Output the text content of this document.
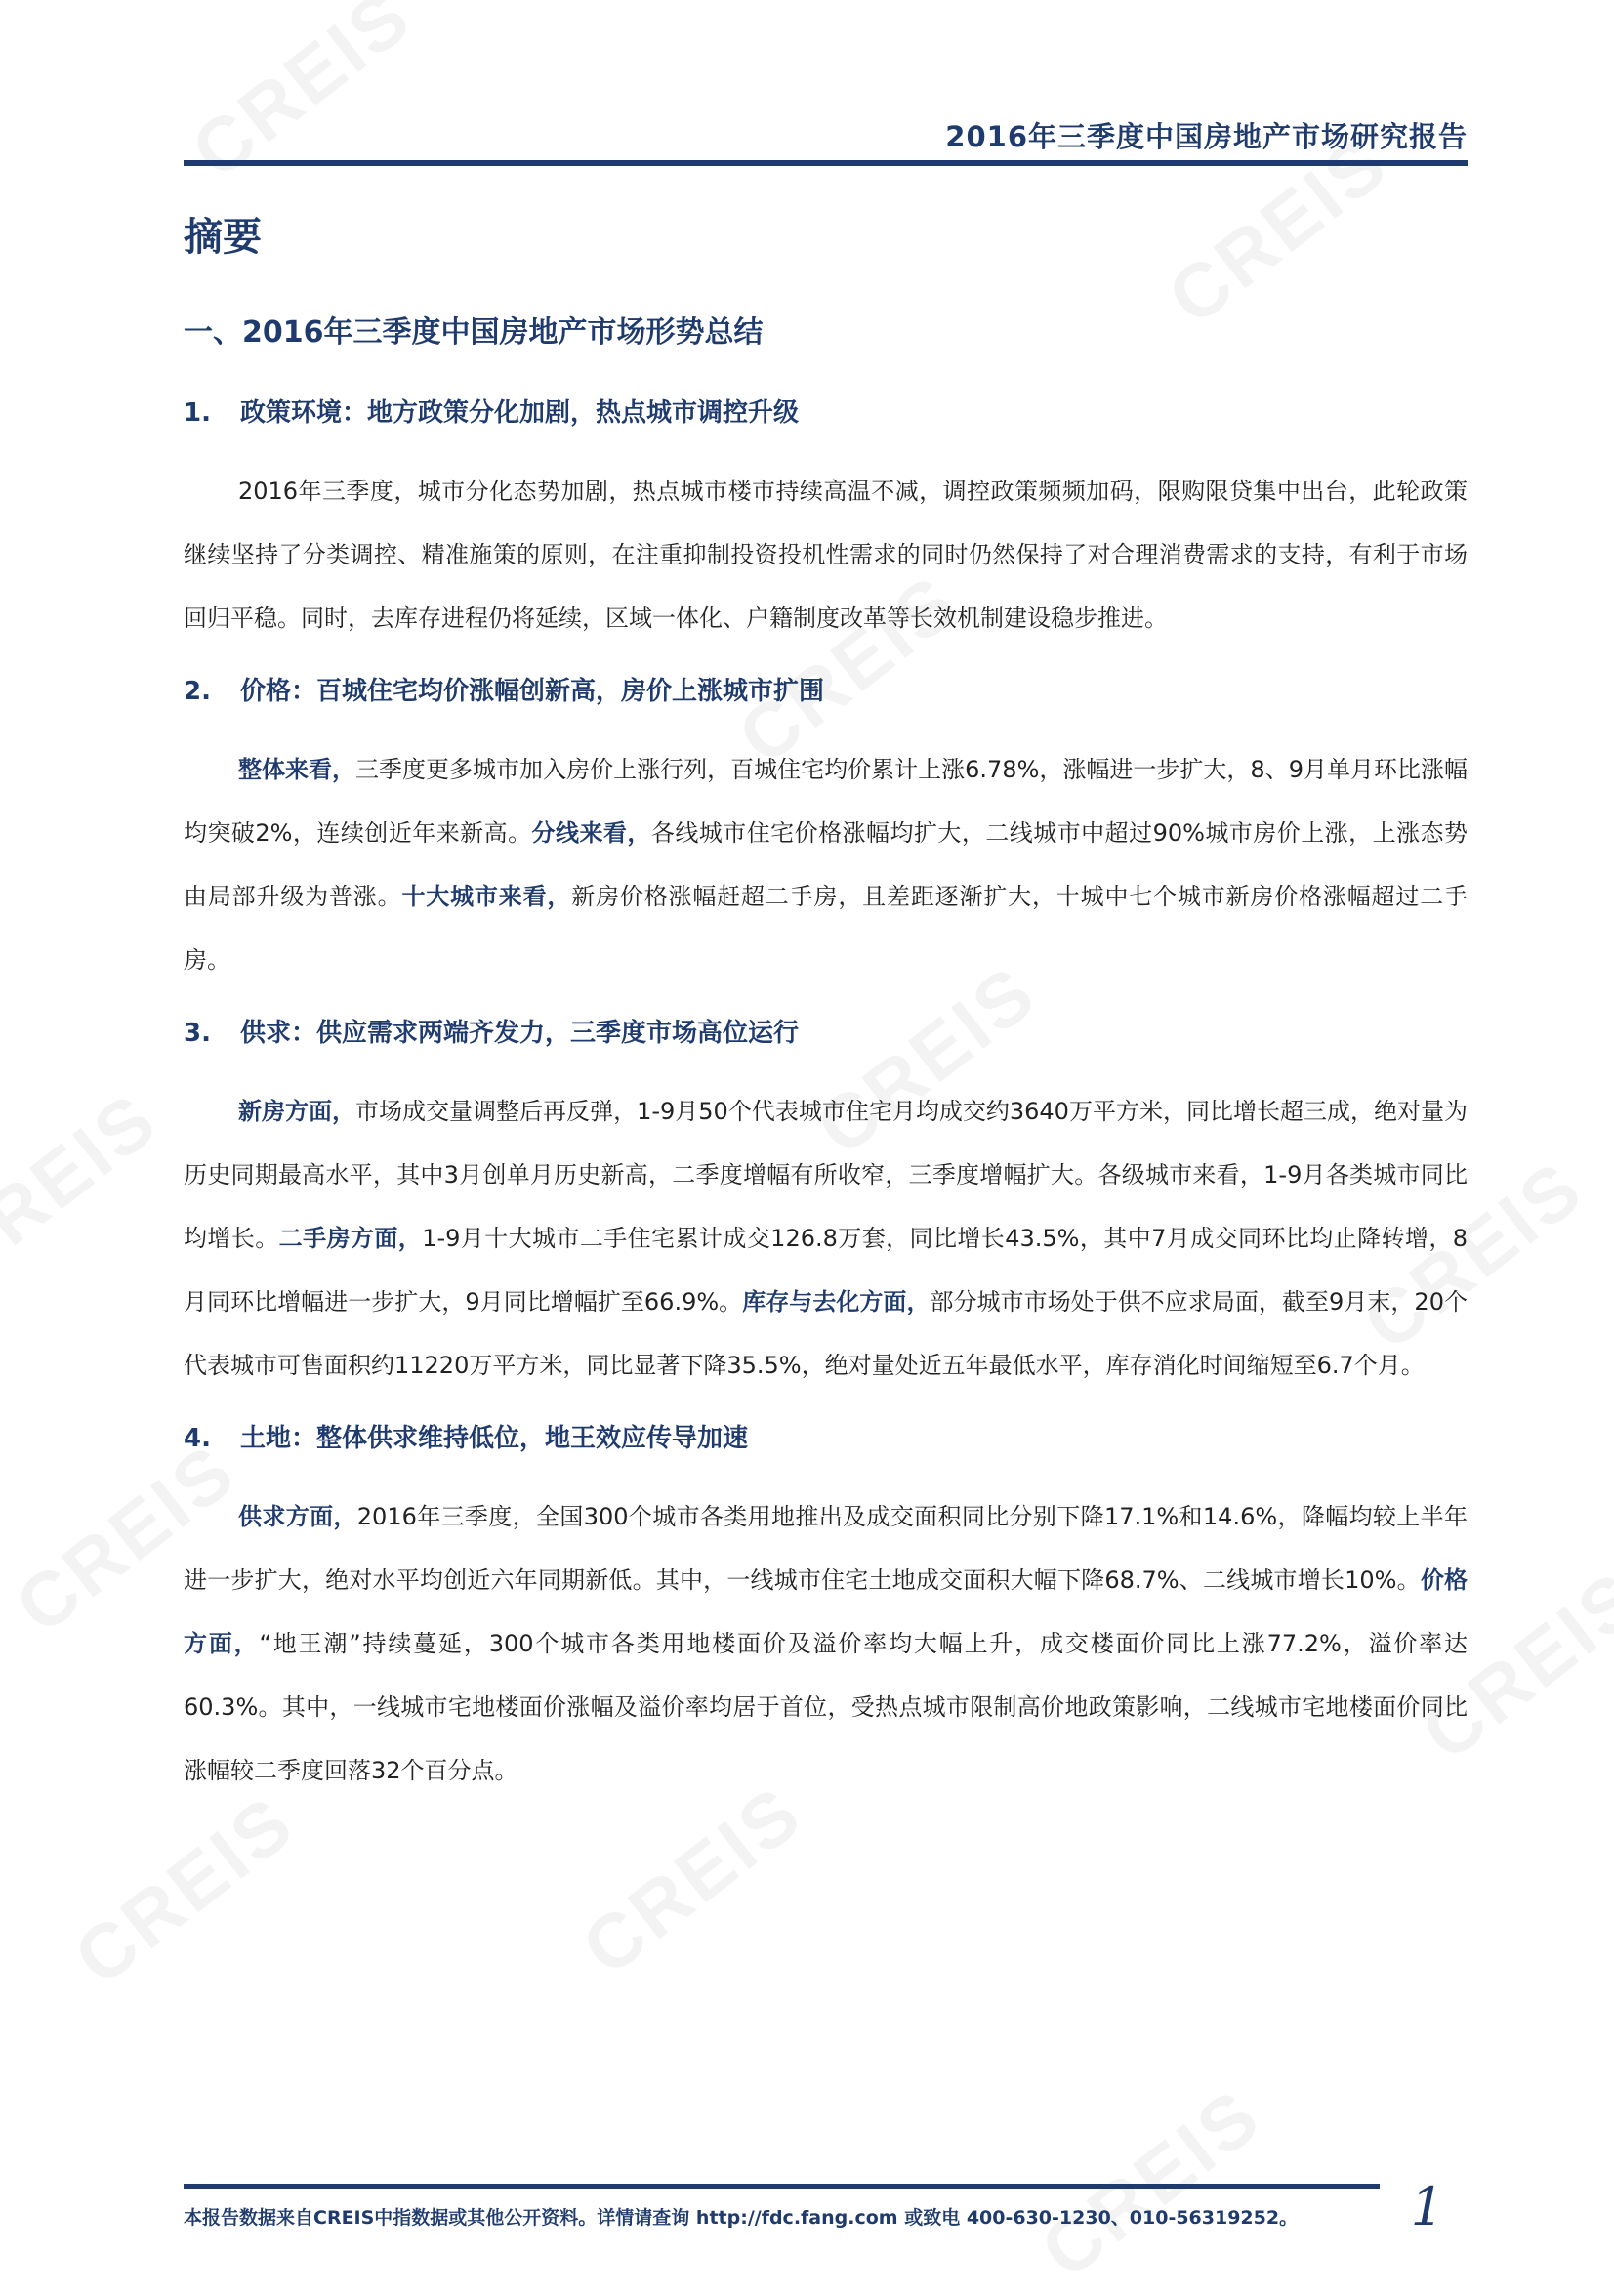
2016年三季度中国房地产市场研究报告
摘要
一、2016年三季度中国房地产市场形势总结
1.	政策环境：地方政策分化加剧，热点城市调控升级

2016年三季度，城市分化态势加剧，热点城市楼市持续高温不减，调控政策频频加码，限购限贷集中出台，此轮政策继续坚持了分类调控、精准施策的原则，在注重抑制投资投机性需求的同时仍然保持了对合理消费需求的支持，有利于市场回归平稳。同时，去库存进程仍将延续，区域一体化、户籍制度改革等长效机制建设稳步推进。

2.	价格：百城住宅均价涨幅创新高，房价上涨城市扩围

整体来看，三季度更多城市加入房价上涨行列，百城住宅均价累计上涨6.78%，涨幅进一步扩大，8、9月单月环比涨幅均突破2%，连续创近年来新高。分线来看，各线城市住宅价格涨幅均扩大，二线城市中超过90%城市房价上涨，上涨态势由局部升级为普涨。十大城市来看，新房价格涨幅赶超二手房，且差距逐渐扩大，十城中七个城市新房价格涨幅超过二手房。

3.	供求：供应需求两端齐发力，三季度市场高位运行

新房方面，市场成交量调整后再反弹，1-9月50个代表城市住宅月均成交约3640万平方米，同比增长超三成，绝对量为历史同期最高水平，其中3月创单月历史新高，二季度增幅有所收窄，三季度增幅扩大。各级城市来看，1-9月各类城市同比均增长。二手房方面，1-9月十大城市二手住宅累计成交126.8万套，同比增长43.5%，其中7月成交同环比均止降转增，8月同环比增幅进一步扩大，9月同比增幅扩至66.9%。库存与去化方面，部分城市市场处于供不应求局面，截至9月末，20个代表城市可售面积约11220万平方米，同比显著下降35.5%，绝对量处近五年最低水平，库存消化时间缩短至6.7个月。

4.	土地：整体供求维持低位，地王效应传导加速

供求方面，2016年三季度，全国300个城市各类用地推出及成交面积同比分别下降17.1%和14.6%，降幅均较上半年进一步扩大，绝对水平均创近六年同期新低。其中，一线城市住宅土地成交面积大幅下降68.7%、二线城市增长10%。价格方面，“地王潮”持续蔓延，300个城市各类用地楼面价及溢价率均大幅上升，成交楼面价同比上涨77.2%，溢价率达60.3%。其中，一线城市宅地楼面价涨幅及溢价率均居于首位，受热点城市限制高价地政策影响，二线城市宅地楼面价同比涨幅较二季度回落32个百分点。

本报告数据来自CREIS中指数据或其他公开资料。详情请查询 http://fdc.fang.com 或致电 400-630-1230、010-56319252。 1
